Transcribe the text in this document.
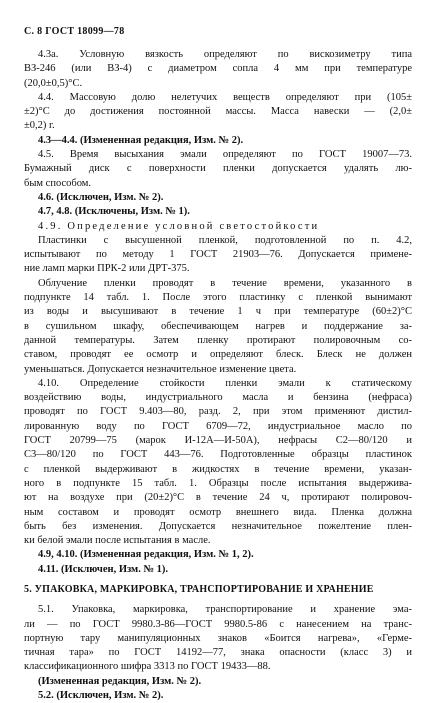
С. 8 ГОСТ 18099—78
4.3а. Условную вязкость определяют по вискозиметру типа
ВЗ-246 (или ВЗ-4) с диаметром сопла 4 мм при температуре
(20,0±0,5)°С.
4.4. Массовую долю нелетучих веществ определяют при (105±
±2)°С до достижения постоянной массы. Масса навески — (2,0±
±0,2) г.
4.3—4.4. (Измененная редакция, Изм. № 2).
4.5. Время высыхания эмали определяют по ГОСТ 19007—73.
Бумажный диск с поверхности пленки допускается удалять лю-
бым способом.
4.6. (Исключен, Изм. № 2).
4.7, 4.8. (Исключены, Изм. № 1).
4.9. Определение условной светостойкости
Пластинки с высушенной пленкой, подготовленной по п. 4.2,
испытывают по методу 1 ГОСТ 21903—76. Допускается примене-
ние ламп марки ПРК-2 или ДРТ-375.
Облучение пленки проводят в течение времени, указанного в
подпункте 14 табл. 1. После этого пластинку с пленкой вынимают
из воды и высушивают в течение 1 ч при температуре (60±2)°С
в сушильном шкафу, обеспечивающем нагрев и поддержание за-
данной температуры. Затем пленку протирают полировочным со-
ставом, проводят ее осмотр и определяют блеск. Блеск не должен
уменьшаться. Допускается незначительное изменение цвета.
4.10. Определение стойкости пленки эмали к статическому
воздействию воды, индустриального масла и бензина (нефраса)
проводят по ГОСТ 9.403—80, разд. 2, при этом применяют дистил-
лированную воду по ГОСТ 6709—72, индустриальное масло по
ГОСТ 20799—75 (марок И-12А—И-50А), нефрасы С2—80/120 и
С3—80/120 по ГОСТ 443—76. Подготовленные образцы пластинок
с пленкой выдерживают в жидкостях в течение времени, указан-
ного в подпункте 15 табл. 1. Образцы после испытания выдержива-
ют на воздухе при (20±2)°С в течение 24 ч, протирают полировоч-
ным составом и проводят осмотр внешнего вида. Пленка должна
быть без изменения. Допускается незначительное пожелтение плен-
ки белой эмали после испытания в масле.
4.9, 4.10. (Измененная редакция, Изм. № 1, 2).
4.11. (Исключен, Изм. № 1).
5. УПАКОВКА, МАРКИРОВКА, ТРАНСПОРТИРОВАНИЕ И ХРАНЕНИЕ
5.1. Упаковка, маркировка, транспортирование и хранение эма-
ли — по ГОСТ 9980.3-86—ГОСТ 9980.5-86 с нанесением на транс-
портную тару манипуляционных знаков «Боится нагрева», «Герме-
тичная тара» по ГОСТ 14192—77, знака опасности (класс 3) и
классификационного шифра 3313 по ГОСТ 19433—88.
(Измененная редакция, Изм. № 2).
5.2. (Исключен, Изм. № 2).
